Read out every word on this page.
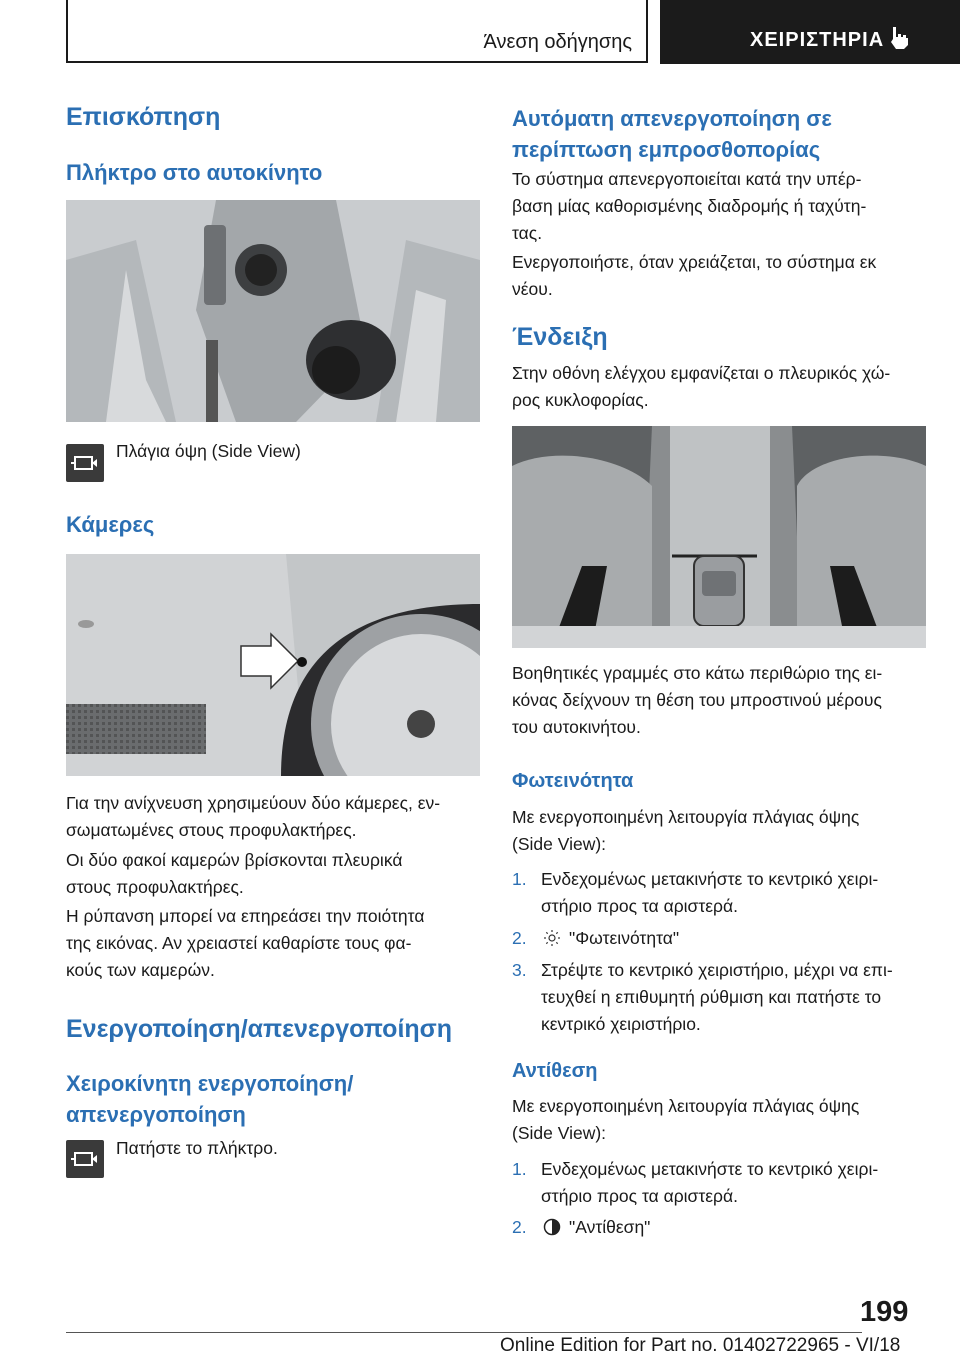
Άνεση οδήγησης	ΧΕΙΡΙΣΤΗΡΙΑ
Επισκόπηση
Πλήκτρο στο αυτοκίνητο
Πλάγια όψη (Side View)
Κάμερες
Για την ανίχνευση χρησιμεύουν δύο κάμερες, εν‐
σωματωμένες στους προφυλακτήρες.
Οι δύο φακοί καμερών βρίσκονται πλευρικά
στους προφυλακτήρες.
Η ρύπανση μπορεί να επηρεάσει την ποιότητα
της εικόνας. Αν χρειαστεί καθαρίστε τους φα‐
κούς των καμερών.
Ενεργοποίηση/απενεργοποίηση
Χειροκίνητη ενεργοποίηση/
απενεργοποίηση
Πατήστε το πλήκτρο.
Αυτόματη απενεργοποίηση σε
περίπτωση εμπροσθοπορίας
Το σύστημα απενεργοποιείται κατά την υπέρ‐
βαση μίας καθορισμένης διαδρομής ή ταχύτη‐
τας.
Ενεργοποιήστε, όταν χρειάζεται, το σύστημα εκ
νέου.
Ένδειξη
Στην οθόνη ελέγχου εμφανίζεται ο πλευρικός χώ‐
ρος κυκλοφορίας.
Βοηθητικές γραμμές στο κάτω περιθώριο της ει‐
κόνας δείχνουν τη θέση του μπροστινού μέρους
του αυτοκινήτου.
Φωτεινότητα
Με ενεργοποιημένη λειτουργία πλάγιας όψης
(Side View):
1. Ενδεχομένως μετακινήστε το κεντρικό χειρι‐
στήριο προς τα αριστερά.
2. "Φωτεινότητα"
3. Στρέψτε το κεντρικό χειριστήριο, μέχρι να επι‐
τευχθεί η επιθυμητή ρύθμιση και πατήστε το
κεντρικό χειριστήριο.
Αντίθεση
Με ενεργοποιημένη λειτουργία πλάγιας όψης
(Side View):
1. Ενδεχομένως μετακινήστε το κεντρικό χειρι‐
στήριο προς τα αριστερά.
2. "Αντίθεση"
199
Online Edition for Part no. 01402722965 - VI/18
